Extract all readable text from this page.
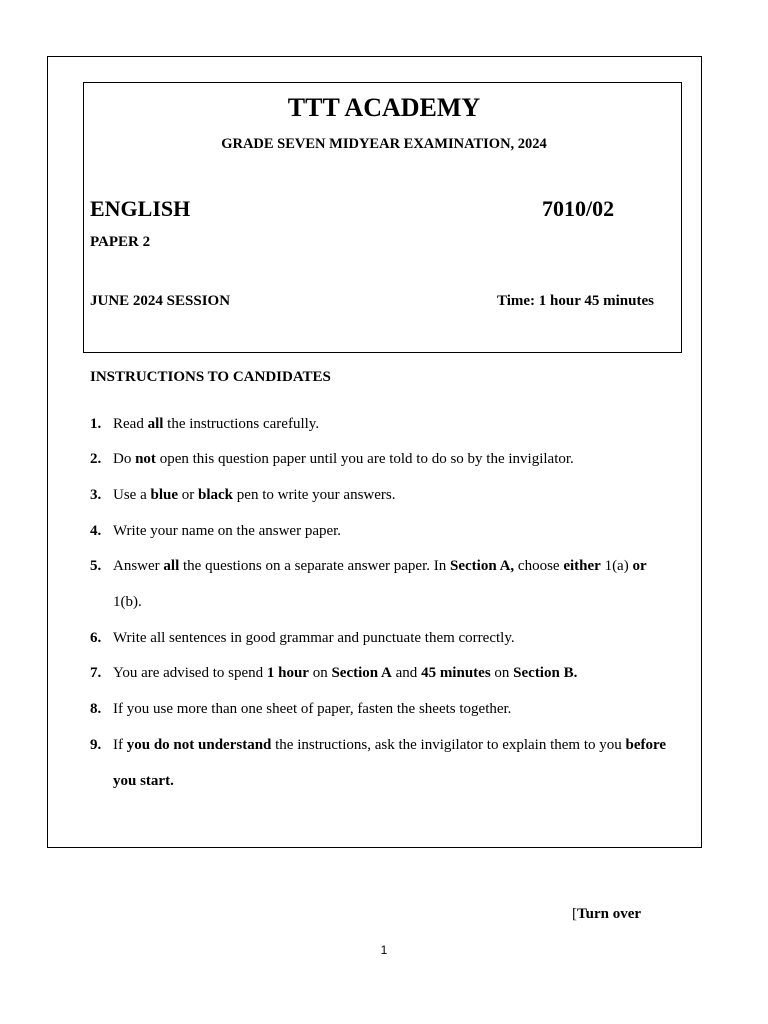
TTT ACADEMY
GRADE SEVEN MIDYEAR EXAMINATION, 2024
ENGLISH	7010/02
PAPER 2
JUNE 2024 SESSION	Time: 1 hour 45 minutes
INSTRUCTIONS TO CANDIDATES
1. Read all the instructions carefully.
2. Do not open this question paper until you are told to do so by the invigilator.
3. Use a blue or black pen to write your answers.
4. Write your name on the answer paper.
5. Answer all the questions on a separate answer paper. In Section A, choose either 1(a) or
1(b).
6. Write all sentences in good grammar and punctuate them correctly.
7. You are advised to spend 1 hour on Section A and 45 minutes on Section B.
8. If you use more than one sheet of paper, fasten the sheets together.
9. If you do not understand the instructions, ask the invigilator to explain them to you before you start.
[Turn over
1
